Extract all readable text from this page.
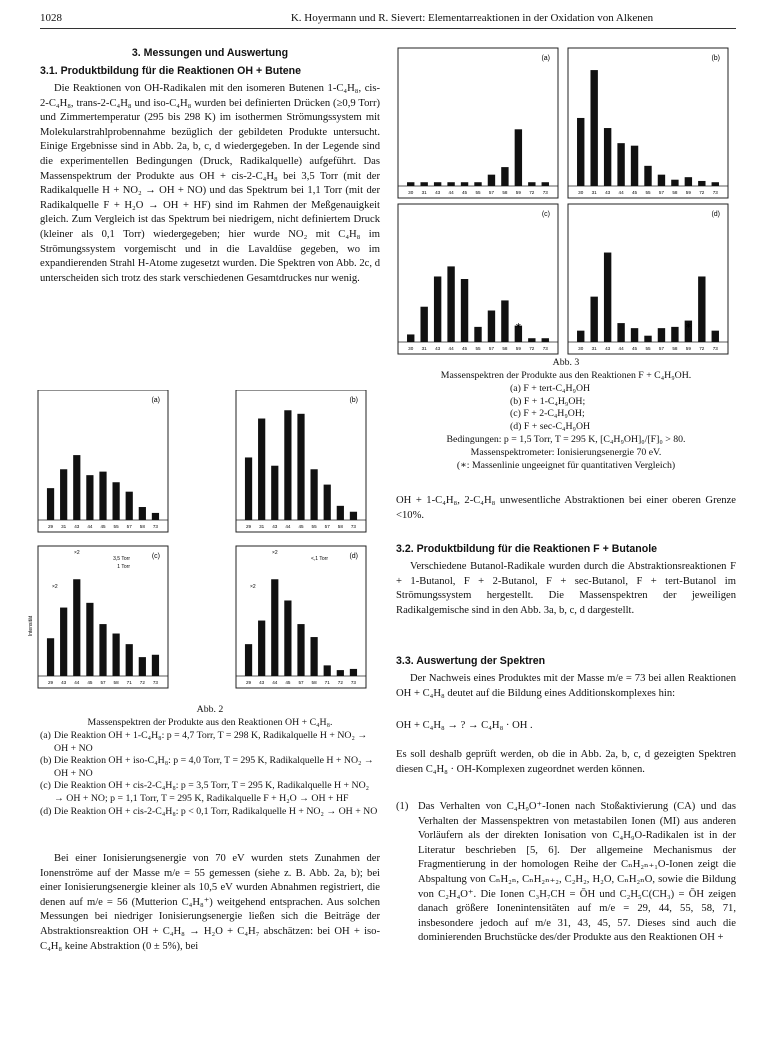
1028	K. Hoyermann und R. Sievert: Elementarreaktionen in der Oxidation von Alkenen
3. Messungen und Auswertung
3.1. Produktbildung für die Reaktionen OH + Butene
Die Reaktionen von OH-Radikalen mit den isomeren Butenen 1-C₄H₈, cis-2-C₄H₈, trans-2-C₄H₈ und iso-C₄H₈ wurden bei definierten Drücken (≥0,9 Torr) und Zimmertemperatur (295 bis 298 K) im isothermen Strömungssystem mit Molekularstrahlprobennahme bezüglich der gebildeten Produkte untersucht. Einige Ergebnisse sind in Abb. 2a, b, c, d wiedergegeben. In der Legende sind die experimentellen Bedingungen (Druck, Radikalquelle) aufgeführt. Das Massenspektrum der Produkte aus OH + cis-2-C₄H₈ bei 3,5 Torr (mit der Radikalquelle H + NO₂ → OH + NO) und das Spektrum bei 1,1 Torr (mit der Radikalquelle F + H₂O → OH + HF) sind im Rahmen der Meßgenauigkeit gleich. Zum Vergleich ist das Spektrum bei niedrigem, nicht definiertem Druck (kleiner als 0,1 Torr) wiedergegeben; hier wurde NO₂ mit C₄H₈ im Strömungssystem vorgemischt und in die Lavaldüse gegeben, wo im expandierenden Strahl H-Atome zugesetzt wurden. Die Spektren von Abb. 2c, d unterscheiden sich trotz des stark verschiedenen Gesamtdruckes nur wenig.
(a)
29 31 43 44 45 55 57 58 73
(b)
29 31 43 44 45 55 57 58 73
(c)
29 43 44 45 57 58 71 72 73
3,5 Torr
1 Torr
×2
×2
(d)
29 43 44 45 57 58 71 72 73
<,1 Torr
×2
×2
Intensität
Abb. 2
Massenspektren der Produkte aus den Reaktionen OH + C₄H₈.
(a) Die Reaktion OH + 1-C₄H₈: p = 4,7 Torr, T = 298 K, Radikalquelle H + NO₂ → OH + NO
(b) Die Reaktion OH + iso-C₄H₈: p = 4,0 Torr, T = 295 K, Radikalquelle H + NO₂ → OH + NO
(c) Die Reaktion OH + cis-2-C₄H₈: p = 3,5 Torr, T = 295 K, Radikalquelle H + NO₂ → OH + NO; p = 1,1 Torr, T = 295 K, Radikalquelle F + H₂O → OH + HF
(d) Die Reaktion OH + cis-2-C₄H₈: p < 0,1 Torr, Radikalquelle H + NO₂ → OH + NO
Bei einer Ionisierungsenergie von 70 eV wurden stets Zunahmen der Ionenströme auf der Masse m/e = 55 gemessen (siehe z. B. Abb. 2a, b); bei einer Ionisierungsenergie kleiner als 10,5 eV wurden Abnahmen registriert, die denen auf m/e = 56 (Mutterion C₄H₈⁺) weitgehend entsprachen. Aus solchen Messungen bei niedriger Ionisierungsenergie ließen sich die Beiträge der Abstraktionsreaktion OH + C₄H₈ → H₂O + C₄H₇ abschätzen: bei OH + iso-C₄H₈ keine Abstraktion (0 ± 5%), bei
(a)
30 31 43 44 45 55 57 58 59 72 73
(b)
30 31 43 44 45 55 57 58 59 72 73
(c)
30 31 43 44 45 55 57 58 59 72 73
∗
(d)
30 31 43 44 45 55 57 58 59 72 73
∗
Abb. 3
Massenspektren der Produkte aus den Reaktionen F + C₄H₉OH.
(a) F + tert-C₄H₉OH
(b) F + 1-C₄H₉OH;
(c) F + 2-C₄H₉OH;
(d) F + sec-C₄H₉OH
Bedingungen: p = 1,5 Torr, T = 295 K, [C₄H₉OH]₀/[F]₀ > 80.
Massenspektrometer: Ionisierungsenergie 70 eV.
(∗: Massenlinie ungeeignet für quantitativen Vergleich)
OH + 1-C₄H₈, 2-C₄H₈ unwesentliche Abstraktionen bei einer oberen Grenze <10%.
3.2. Produktbildung für die Reaktionen F + Butanole
Verschiedene Butanol-Radikale wurden durch die Abstraktionsreaktionen F + 1-Butanol, F + 2-Butanol, F + sec-Butanol, F + tert-Butanol im Strömungssystem hergestellt. Die Massenspektren der jeweiligen Radikalgemische sind in den Abb. 3a, b, c, d dargestellt.
3.3. Auswertung der Spektren
Der Nachweis eines Produktes mit der Masse m/e = 73 bei allen Reaktionen OH + C₄H₈ deutet auf die Bildung eines Additionskomplexes hin:
OH + C₄H₈ → ? → C₄H₈ · OH .
Es soll deshalb geprüft werden, ob die in Abb. 2a, b, c, d gezeigten Spektren diesen C₄H₈ · OH-Komplexen zugeordnet werden können.
(1) Das Verhalten von C₄H₉O⁺-Ionen nach Stoßaktivierung (CA) und das Verhalten der Massenspektren von metastabilen Ionen (MI) aus anderen Vorläufern als der direkten Ionisation von C₄H₉O-Radikalen ist in der Literatur beschrieben [5, 6]. Der allgemeine Mechanismus der Fragmentierung in der homologen Reihe der CₙH₂ₙ₊₁O-Ionen zeigt die Abspaltung von CₙH₂ₙ, CₙH₂ₙ₊₂, C₂H₂, H₂O, CₙH₂ₙO, sowie die Bildung von C₂H₄O⁺. Die Ionen C₃H₇CH = ŌH und C₂H₅C(CH₃) = ŌH zeigen danach größere Ionenintensitäten auf m/e = 29, 44, 55, 58, 71, insbesondere jedoch auf m/e 31, 43, 45, 57. Dieses sind auch die dominierenden Bruchstücke des/der Produkte aus den Reaktionen OH +
